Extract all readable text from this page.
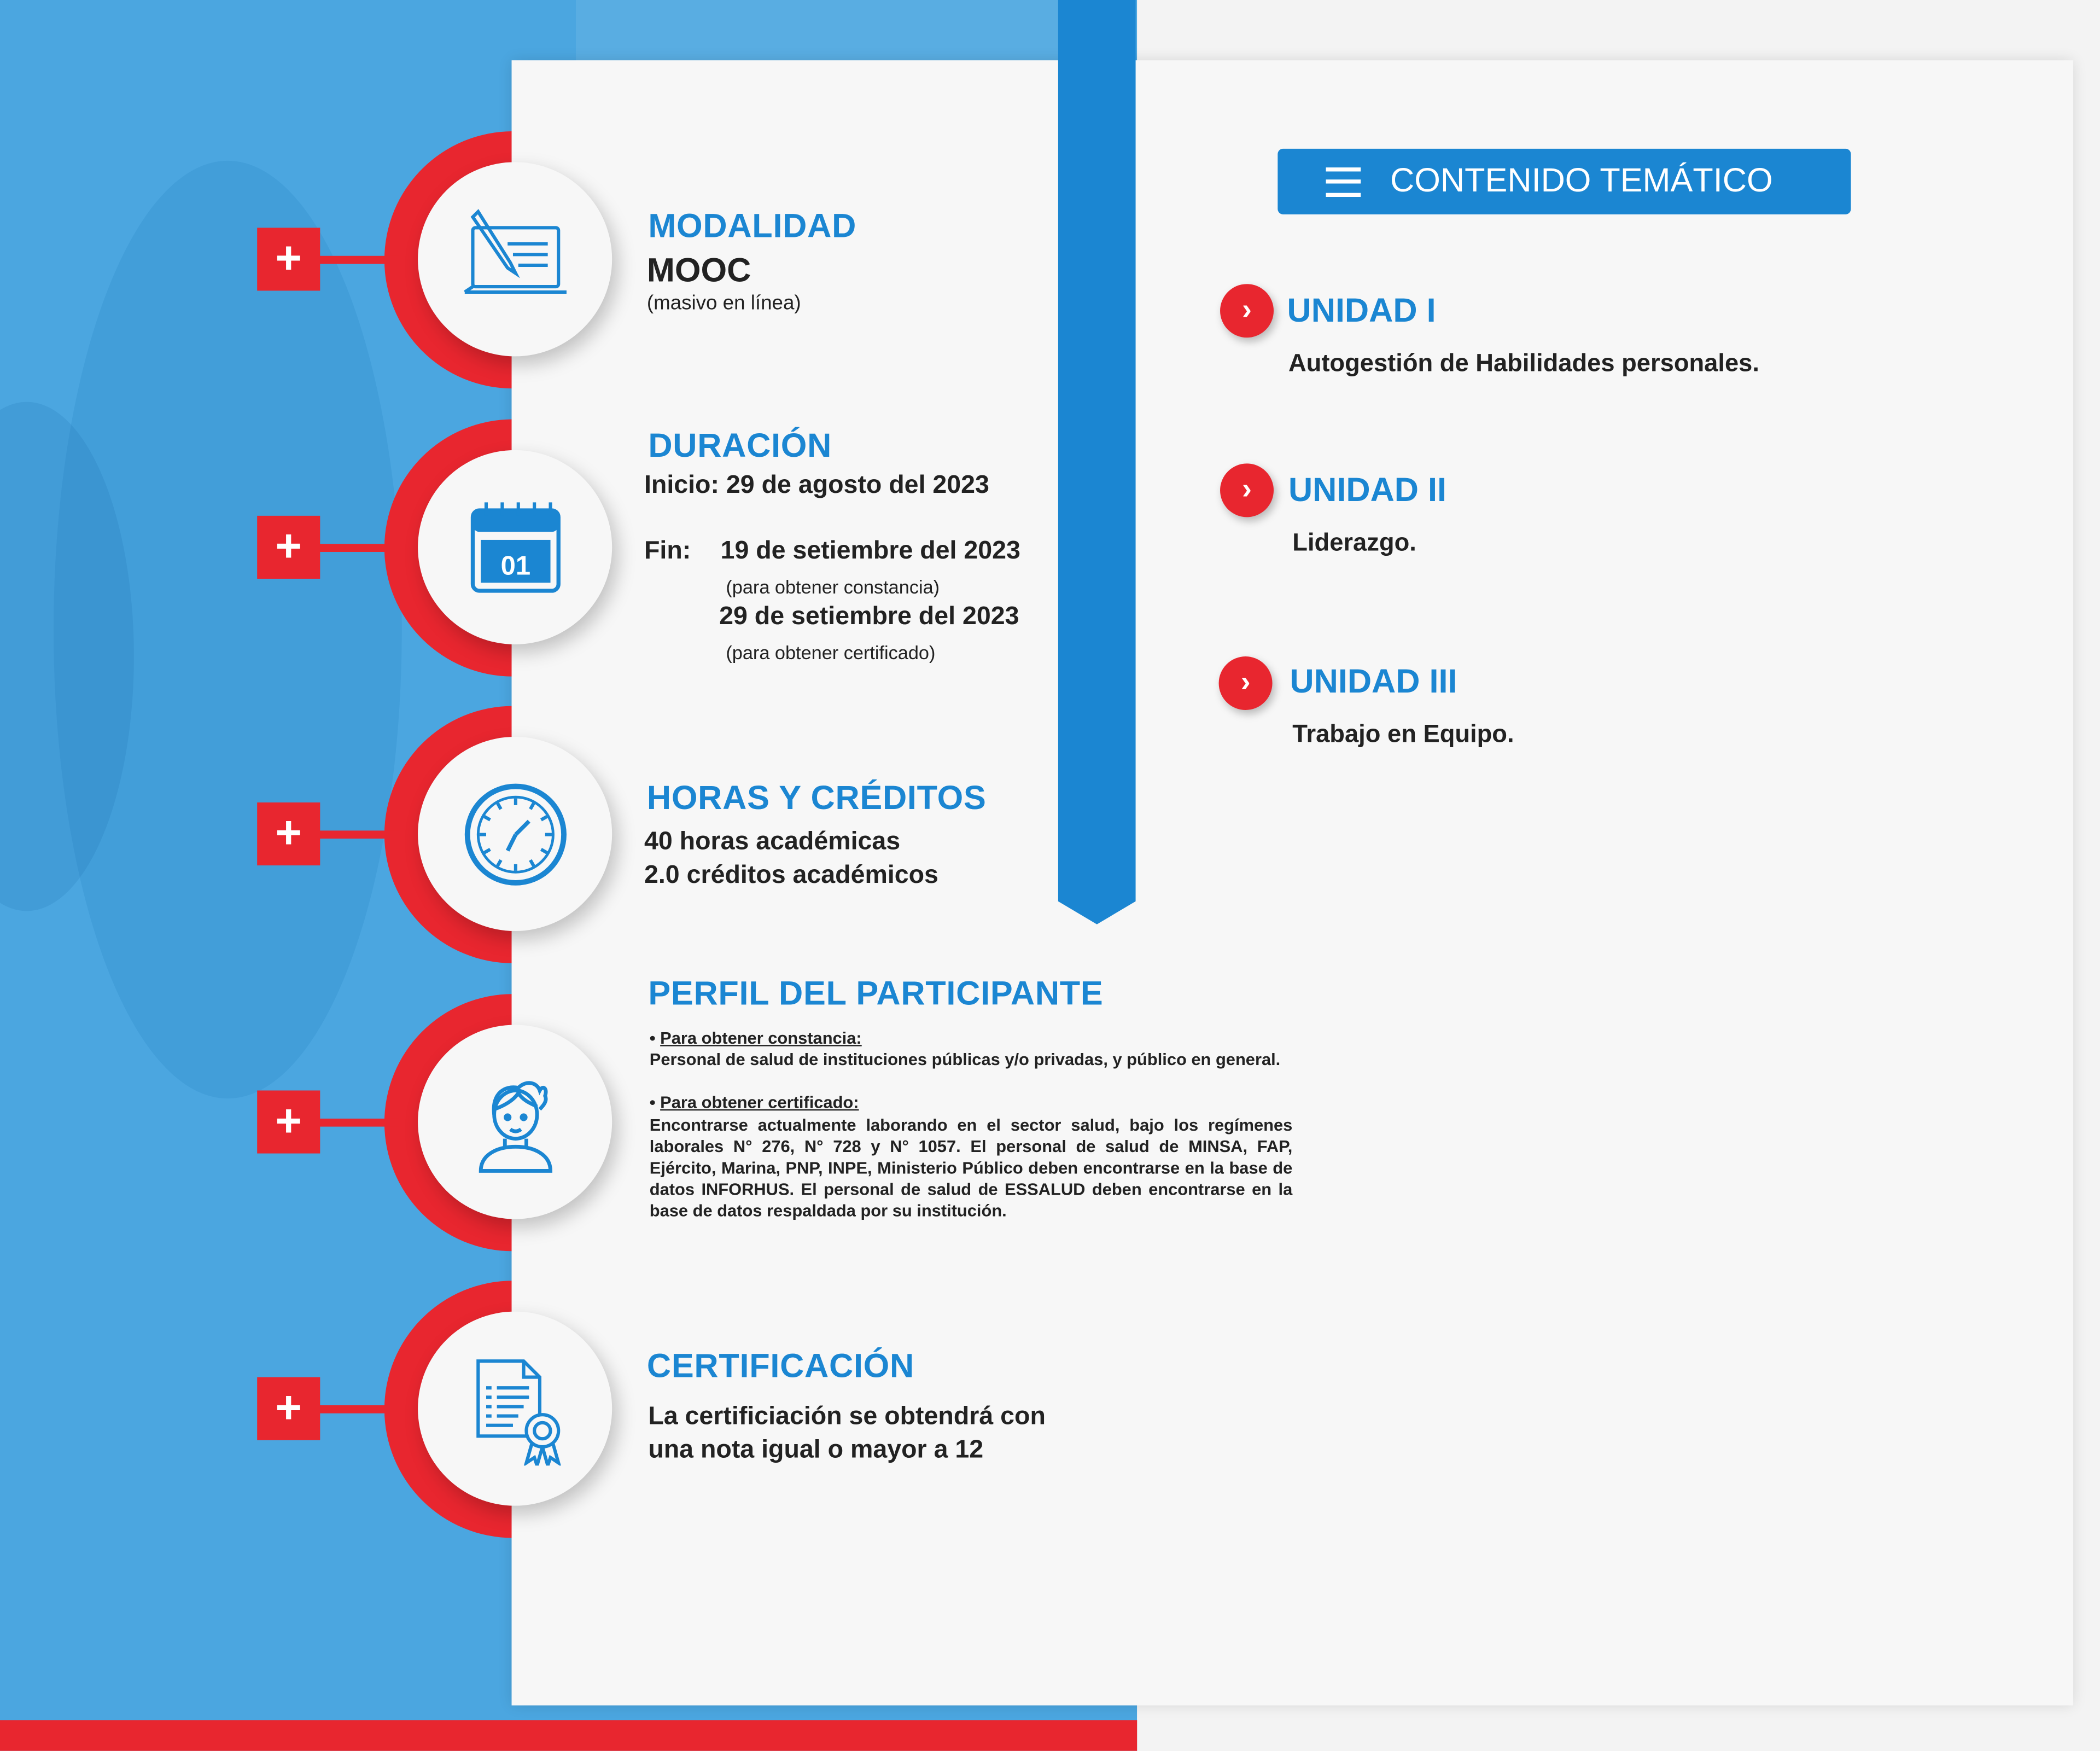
+
MODALIDAD
MOOC
(masivo en línea)
+	01
DURACIÓN
Inicio: 29 de agosto del 2023
Fin:	19 de setiembre del 2023
(para obtener constancia)
29 de setiembre del 2023
(para obtener certificado)
+
HORAS Y CRÉDITOS
40 horas académicas
2.0 créditos académicos
+
PERFIL DEL PARTICIPANTE
• Para obtener constancia:
Personal de salud de instituciones públicas y/o privadas, y público en general.
• Para obtener certificado:
Encontrarse actualmente laborando en el sector salud, bajo los regímenes laborales N° 276, N° 728 y N° 1057. El personal de salud de MINSA, FAP, Ejército, Marina, PNP, INPE, Ministerio Público deben encontrarse en la base de datos INFORHUS. El personal de salud de ESSALUD deben encontrarse en la base de datos respaldada por su institución.
+
CERTIFICACIÓN
La certificiación se obtendrá con
una nota igual o mayor a 12
CONTENIDO TEMÁTICO
›	UNIDAD I
Autogestión de Habilidades personales.
›	UNIDAD II
Liderazgo.
›	UNIDAD III
Trabajo en Equipo.
